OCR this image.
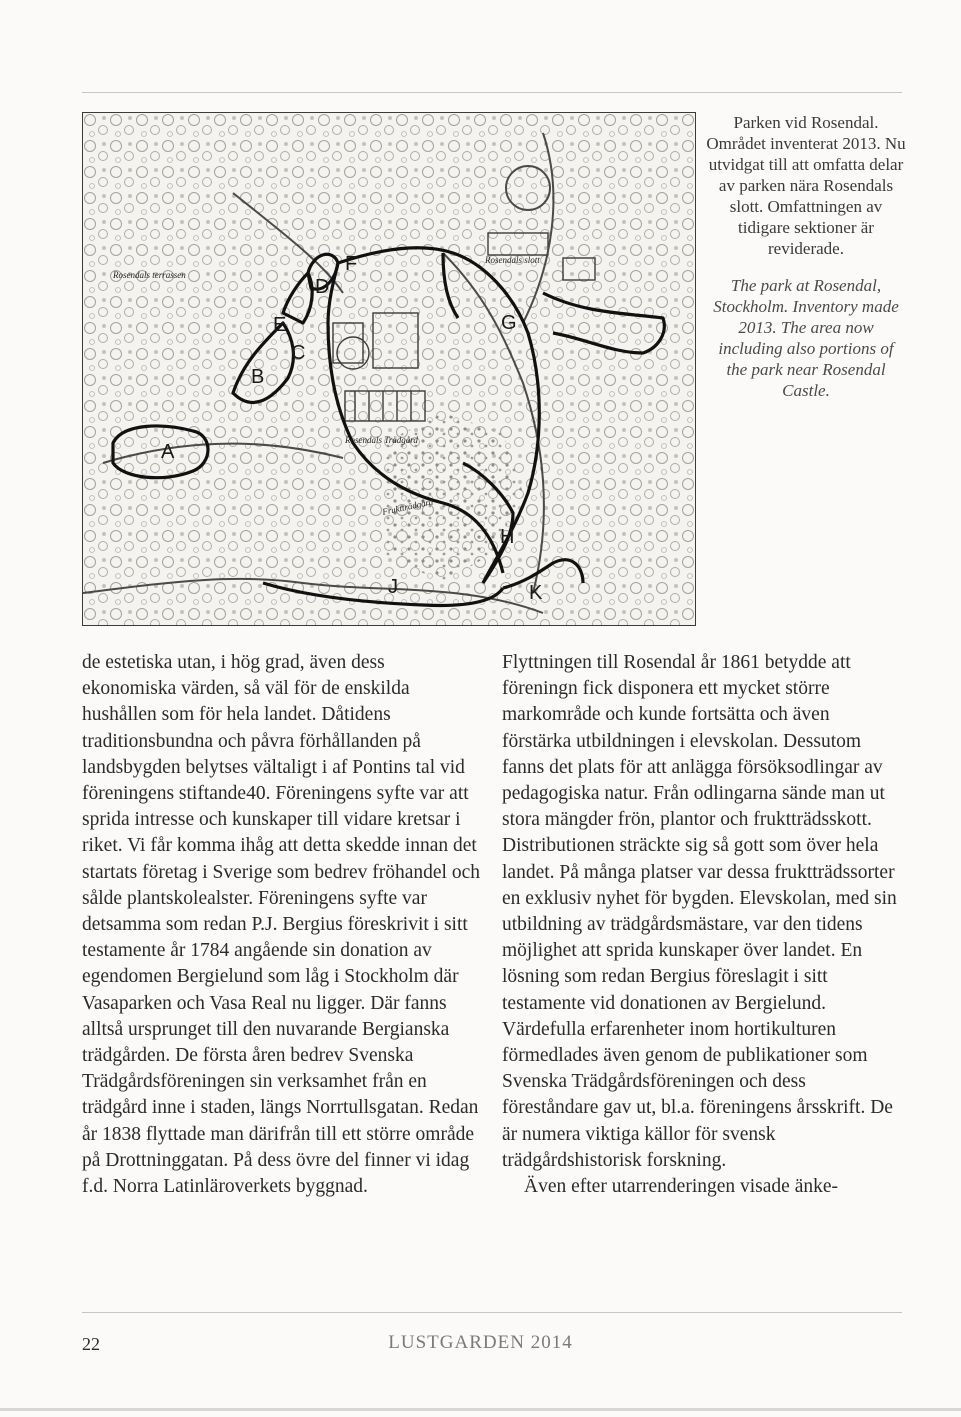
A
B
C
D
E
F
G
H
J	K
Rosendals terrassen
Rosendals slott
Rosendals Trädgård
Fruktträdgård

Parken vid Rosendal. Området inventerat 2013. Nu utvidgat till att omfatta delar av parken nära Rosendals slott. Omfattningen av tidigare sektioner är reviderade.

The park at Rosendal, Stockholm. Inventory made 2013. The area now including also portions of the park near Rosendal Castle.

de estetiska utan, i hög grad, även dess ekonomiska värden, så väl för de enskilda hushållen som för hela landet. Dåtidens traditionsbundna och påvra förhållanden på landsbygden belytses vältaligt i af Pontins tal vid föreningens stiftande40. Föreningens syfte var att sprida intresse och kunskaper till vidare kretsar i riket. Vi får komma ihåg att detta skedde innan det startats företag i Sverige som bedrev fröhandel och sålde plantskolealster. Föreningens syfte var detsamma som redan P.J. Bergius föreskrivit i sitt testamente år 1784 angående sin donation av egendomen Bergielund som låg i Stockholm där Vasaparken och Vasa Real nu ligger. Där fanns alltså ursprunget till den nuvarande Bergianska trädgården. De första åren bedrev Svenska Trädgårdsföreningen sin verksamhet från en trädgård inne i staden, längs Norrtullsgatan. Redan år 1838 flyttade man därifrån till ett större område på Drottninggatan. På dess övre del finner vi idag f.d. Norra Latinläroverkets byggnad.

Flyttningen till Rosendal år 1861 betydde att föreningn fick disponera ett mycket större markområde och kunde fortsätta och även förstärka utbildningen i elevskolan. Dessutom fanns det plats för att anlägga försöksodlingar av pedagogiska natur. Från odlingarna sände man ut stora mängder frön, plantor och fruktträdsskott. Distributionen sträckte sig så gott som över hela landet. På många platser var dessa fruktträdssorter en exklusiv nyhet för bygden. Elevskolan, med sin utbildning av trädgårdsmästare, var den tidens möjlighet att sprida kunskaper över landet. En lösning som redan Bergius föreslagit i sitt testamente vid donationen av Bergielund. Värdefulla erfarenheter inom hortikulturen förmedlades även genom de publikationer som Svenska Trädgårdsföreningen och dess föreståndare gav ut, bl.a. föreningens årsskrift. De är numera viktiga källor för svensk trädgårdshistorisk forskning.

Även efter utarrenderingen visade änke-

22	LUSTGARDEN 2014
